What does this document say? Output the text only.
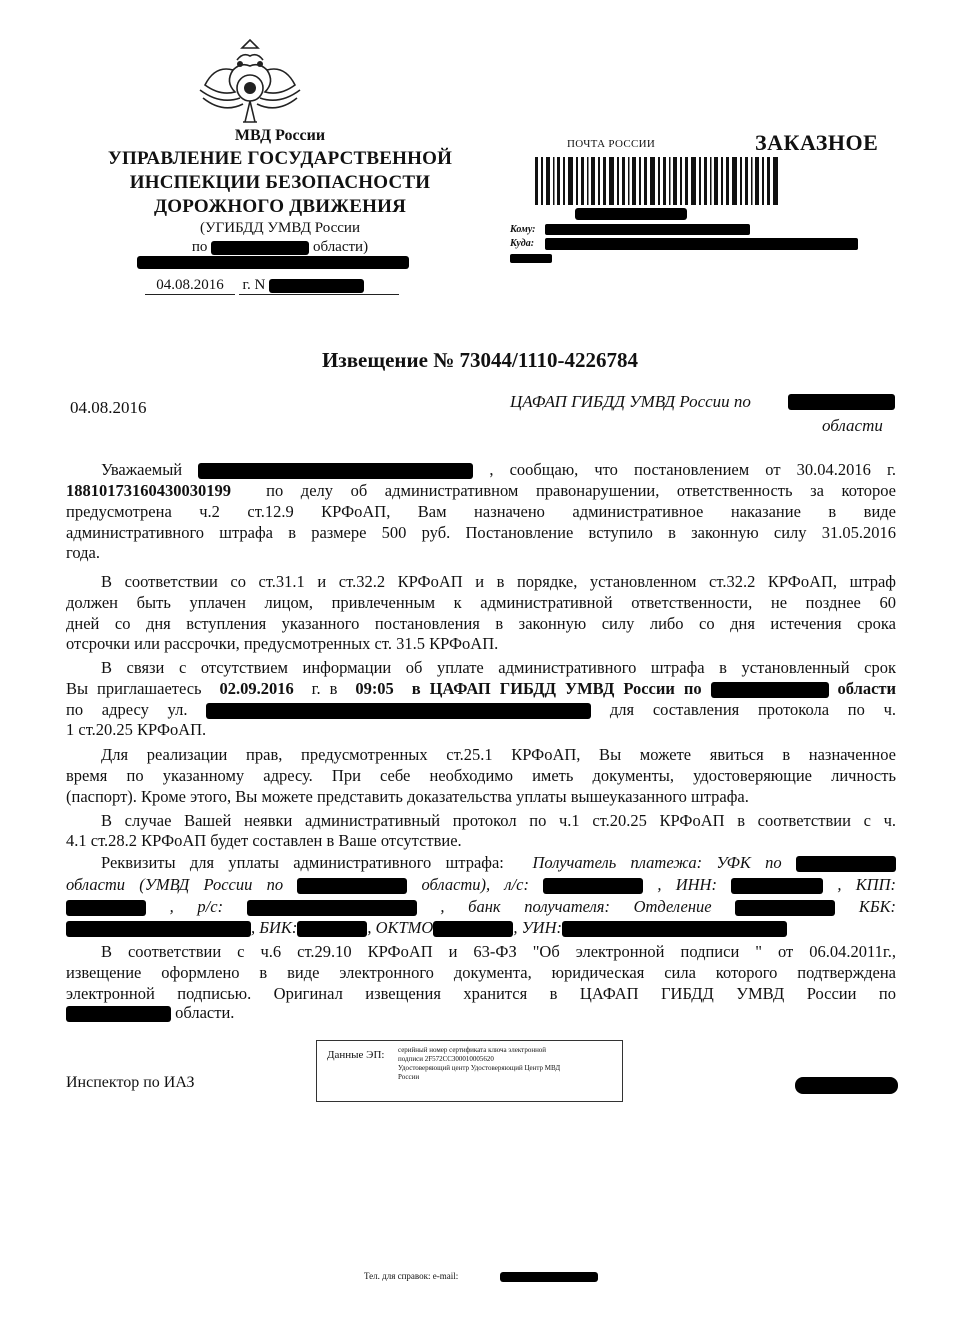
МВД России
УПРАВЛЕНИЕ ГОСУДАРСТВЕННОЙ
ИНСПЕКЦИИ БЕЗОПАСНОСТИ
ДОРОЖНОГО ДВИЖЕНИЯ
(УГИБДД УМВД России
по	области)
04.08.2016 г. N
ПОЧТА РОССИИ	ЗАКАЗНОЕ
Кому:
Куда:
Извещение № 73044/1110-4226784
04.08.2016	ЦАФАП ГИБДД УМВД России по
области
Уважаемый	, сообщаю, что постановлением от 30.04.2016 г.
18810173160430030199  по делу об административном правонарушении, ответственность за которое
предусмотрена ч.2 ст.12.9 КРФоАП, Вам назначено административное наказание в виде
административного штрафа в размере 500 руб. Постановление вступило в законную силу 31.05.2016
года.
В соответствии со ст.31.1 и ст.32.2 КРФоАП и в порядке, установленном ст.32.2 КРФоАП, штраф
должен быть уплачен лицом, привлеченным к административной ответственности, не позднее 60
дней со дня вступления указанного постановления в законную силу либо со дня истечения срока
отсрочки или рассрочки, предусмотренных ст. 31.5 КРФоАП.
В связи с отсутствием информации об уплате административного штрафа в установленный срок
Вы приглашаетесь  02.09.2016  г. в  09:05  в ЦАФАП ГИБДД УМВД России по	области
по адресу ул.	для составления протокола по ч.
1 ст.20.25 КРФоАП.
Для реализации прав, предусмотренных ст.25.1 КРФоАП, Вы можете явиться в назначенное
время по указанному адресу. При себе необходимо иметь документы, удостоверяющие личность
(паспорт). Кроме этого, Вы можете представить доказательства уплаты вышеуказанного штрафа.
В случае Вашей неявки административный протокол по ч.1 ст.20.25 КРФоАП в соответствии с ч.
4.1 ст.28.2 КРФоАП будет составлен в Ваше отсутствие.
Реквизиты для уплаты административного штрафа:  Получатель платежа: УФК по
области (УМВД России по	области), л/с:	, ИНН:	, КПП:
, р/с:	, банк получателя: Отделение	КБК:
, БИК:	, ОКТМО	, УИН:
В соответствии с ч.6 ст.29.10 КРФоАП и 63-ФЗ "Об электронной подписи " от 06.04.2011г.,
извещение оформлено в виде электронного документа, юридическая сила которого подтверждена
электронной подписью. Оригинал извещения хранится в ЦАФАП ГИБДД УМВД России по
области.
Данные ЭП: серийный номер сертификата ключа электронной
подписи 2F572CC300010005620
Удостоверяющий центр Удостоверяющий Центр МВД
России
Инспектор по ИАЗ
Тел. для справок: e-mail:
